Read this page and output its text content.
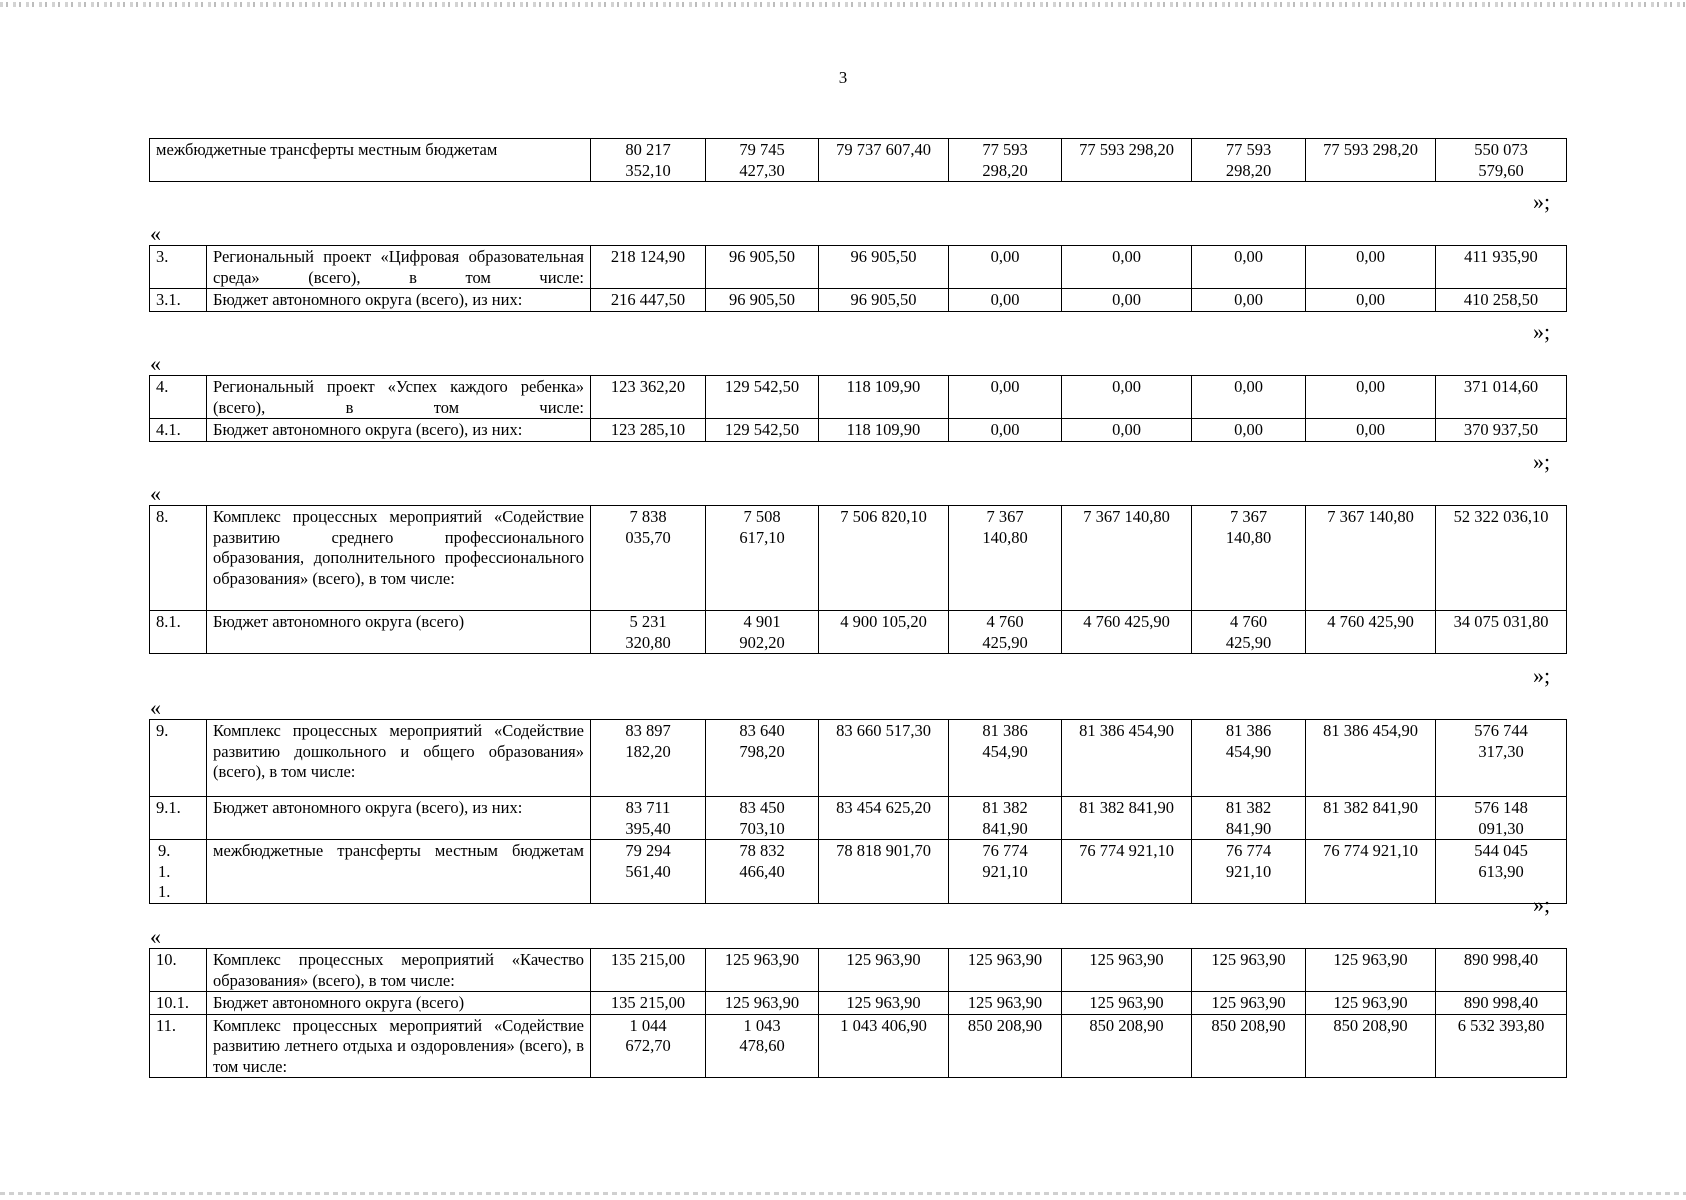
3
межбюджетные трансферты местным бюджетам	80 217 352,10	79 745 427,30	79 737 607,40	77 593 298,20	77 593 298,20	77 593 298,20	77 593 298,20	550 073 579,60
»;
«
3.	Региональный проект «Цифровая образовательная среда» (всего), в том числе:	218 124,90	96 905,50	96 905,50	0,00	0,00	0,00	0,00	411 935,90
3.1.	Бюджет автономного округа (всего), из них:	216 447,50	96 905,50	96 905,50	0,00	0,00	0,00	0,00	410 258,50
»;
«
4.	Региональный проект «Успех каждого ребенка» (всего), в том числе:	123 362,20	129 542,50	118 109,90	0,00	0,00	0,00	0,00	371 014,60
4.1.	Бюджет автономного округа (всего), из них:	123 285,10	129 542,50	118 109,90	0,00	0,00	0,00	0,00	370 937,50
»;
«
8.	Комплекс процессных мероприятий «Содействие развитию среднего профессионального образования, дополнительного профессионального образования» (всего), в том числе:	7 838 035,70	7 508 617,10	7 506 820,10	7 367 140,80	7 367 140,80	7 367 140,80	7 367 140,80	52 322 036,10
8.1.	Бюджет автономного округа (всего)	5 231 320,80	4 901 902,20	4 900 105,20	4 760 425,90	4 760 425,90	4 760 425,90	4 760 425,90	34 075 031,80
»;
«
9.	Комплекс процессных мероприятий «Содействие развитию дошкольного и общего образования» (всего), в том числе:	83 897 182,20	83 640 798,20	83 660 517,30	81 386 454,90	81 386 454,90	81 386 454,90	81 386 454,90	576 744 317,30
9.1.	Бюджет автономного округа (всего), из них:	83 711 395,40	83 450 703,10	83 454 625,20	81 382 841,90	81 382 841,90	81 382 841,90	81 382 841,90	576 148 091,30
9.1.1.	межбюджетные трансферты местным бюджетам	79 294 561,40	78 832 466,40	78 818 901,70	76 774 921,10	76 774 921,10	76 774 921,10	76 774 921,10	544 045 613,90
»;
«
10.	Комплекс процессных мероприятий «Качество образования» (всего), в том числе:	135 215,00	125 963,90	125 963,90	125 963,90	125 963,90	125 963,90	125 963,90	890 998,40
10.1.	Бюджет автономного округа (всего)	135 215,00	125 963,90	125 963,90	125 963,90	125 963,90	125 963,90	125 963,90	890 998,40
11.	Комплекс процессных мероприятий «Содействие развитию летнего отдыха и оздоровления» (всего), в том числе:	1 044 672,70	1 043 478,60	1 043 406,90	850 208,90	850 208,90	850 208,90	850 208,90	6 532 393,80
